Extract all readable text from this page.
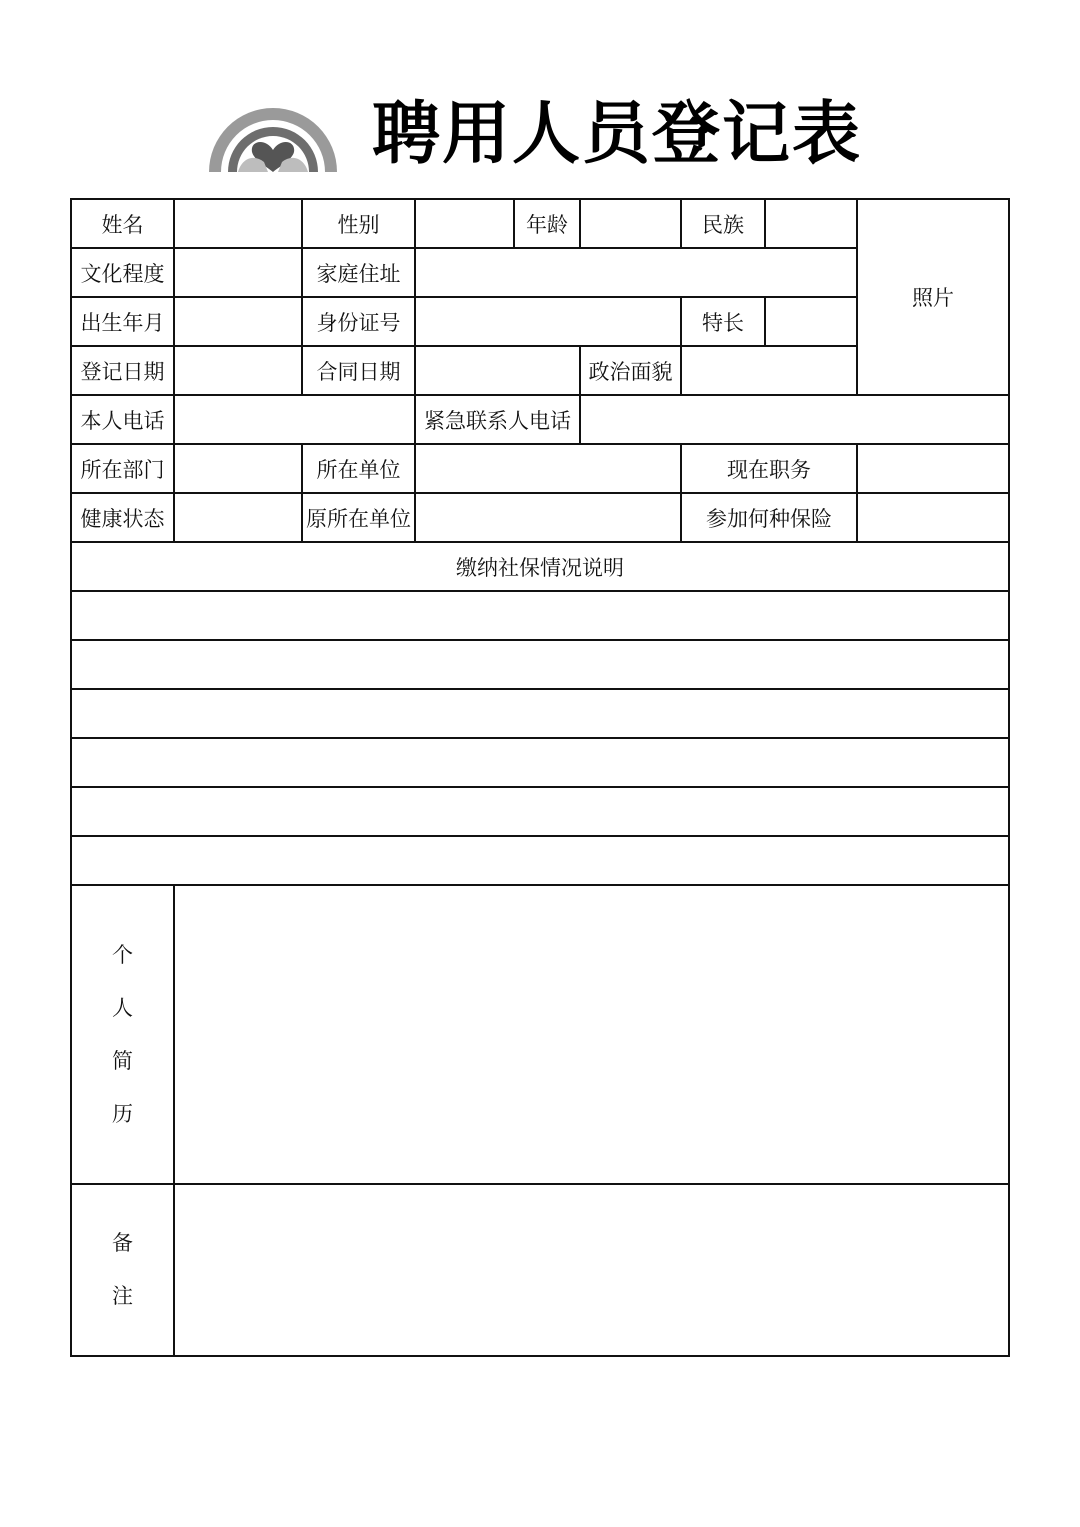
聘用人员登记表
姓名		性别		年龄		民族		照片
文化程度		家庭住址						
出生年月		身份证号				特长		
登记日期		合同日期			政治面貌			
本人电话			紧急联系人电话					
所在部门		所在单位				现在职务		
健康状态		原所在单位				参加何种保险		
缴纳社保情况说明								

个
人
简
历								

备
注								
